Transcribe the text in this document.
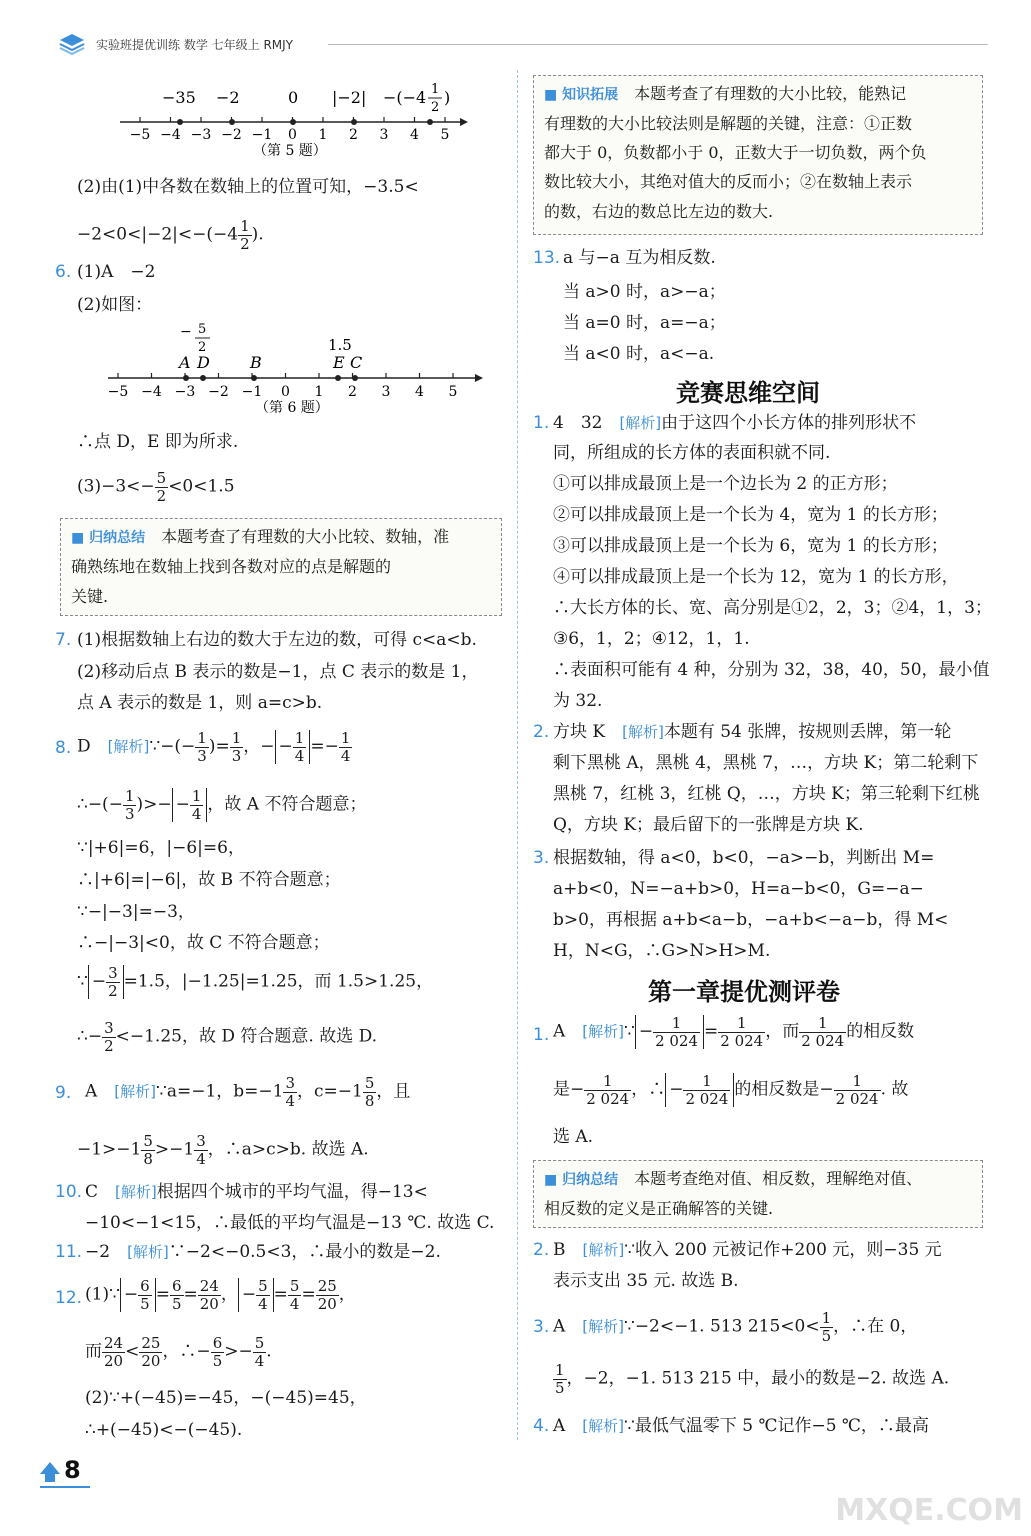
实验班提优训练 数学 七年级上 RMJY
−35 −2	0 |−2| −(−4 1
2
)
−5 −4 −3 −2 −1 0 1 2 3 4 5
（第 5 题）
(2)由(1)中各数在数轴上的位置可知，−3.5<
$-2<0<|-2|<-(-4 \frac{1}{2}$ ).
6. (1)A　−2
(2)如图：
− 5
2	1.5
A D	B	E C
−5 −4 −3 −2 −1 0 1 2 3 4 5
（第 6 题）
∴点 D，E 即为所求.
$(3)-3<- \frac{5}{2} <0<1.5$
■ 归纳总结　 本题考查了有理数的大小比较、数轴，准
确熟练地在数轴上找到各数对应的点是解题的
关键.
7. (1)根据数轴上右边的数大于左边的数，可得 c<a<b.
(2)移动后点 B 表示的数是−1，点 C 表示的数是 1，
点 A 表示的数是 1，则 a=c>b.
8. D　[解析]∵−(− $\frac{1}{3}$ )= $\frac{1}{3}$ ，− − $\frac{1}{4} =- \frac{1}{4}$
∴−(− $\frac{1}{3}$ )>− − $\frac{1}{4}$ ，故 A 不符合题意；
∵|+6|=6，|−6|=6，
∴|+6|=|−6|，故 B 不符合题意；
∵−|−3|=−3，
∴−|−3|<0，故 C 不符合题意；
∵ − $\frac{3}{2} =1.5$，|−1.25|=1.25，而 1.5>1.25，
∴− $\frac{3}{2} <-1.25$，故 D 符合题意. 故选 D.
9. A　[解析]∵a=−1，$b=-1 \frac{3}{4}$ ，$c=-1 \frac{5}{8}$ ，且
$-1>-1 \frac{5}{8} >-1 \frac{3}{4}$ ，∴a>c>b. 故选 A.
10. C　[解析]根据四个城市的平均气温，得−13<
−10<−1<15，∴最低的平均气温是−13 ℃. 故选 C.
11. −2　[解析]∵−2<−0.5<3，∴最小的数是−2.
12. (1)∵ − $\frac{6}{5} = \frac{6}{5} = \frac{24}{20}$ ， − $\frac{5}{4} = \frac{5}{4} = \frac{25}{20}$ ，
而 $\frac{24}{20} < \frac{25}{20}$ ，∴− $\frac{6}{5} >- \frac{5}{4}$ .
(2)∵+(−45)=−45，−(−45)=45，
∴+(−45)<−(−45).
■ 知识拓展　 本题考查了有理数的大小比较，能熟记
有理数的大小比较法则是解题的关键，注意：①正数
都大于 0，负数都小于 0，正数大于一切负数，两个负
数比较大小，其绝对值大的反而小；②在数轴上表示
的数，右边的数总比左边的数大.
13. a 与−a 互为相反数.
当 a>0 时，a>−a；
当 a=0 时，a=−a；
当 a<0 时，a<−a.
竞赛思维空间
1. 4　32　[解析]由于这四个小长方体的排列形状不
同，所组成的长方体的表面积就不同.
①可以排成最顶上是一个边长为 2 的正方形；
②可以排成最顶上是一个长为 4，宽为 1 的长方形；
③可以排成最顶上是一个长为 6，宽为 1 的长方形；
④可以排成最顶上是一个长为 12，宽为 1 的长方形，
∴大长方体的长、宽、高分别是①2，2，3；②4，1，3；
③6，1，2；④12，1，1.
∴表面积可能有 4 种，分别为 32，38，40，50，最小值
为 32.
2. 方块 K　[解析]本题有 54 张牌，按规则丢牌，第一轮
剩下黑桃 A，黑桃 4，黑桃 7，…，方块 K；第二轮剩下
黑桃 7，红桃 3，红桃 Q，…，方块 K；第三轮剩下红桃
Q，方块 K；最后留下的一张牌是方块 K.
3. 根据数轴，得 a<0，b<0，−a>−b，判断出 M=
a+b<0，N=−a+b>0，H=a−b<0，G=−a−
b>0，再根据 a+b<a−b，−a+b<−a−b，得 M<
H，N<G，∴G>N>H>M.
第一章提优测评卷
1. A　[解析]∵ − $\frac{1}{2 024} = \frac{1}{2 024}$ ，而 $\frac{1}{2 024}$ 的相反数
是− $\frac{1}{2 024}$ ，∴ − $\frac{1}{2 024}$ 的相反数是− $\frac{1}{2 024}$ . 故
选 A.
■ 归纳总结　 本题考查绝对值、相反数，理解绝对值、
相反数的定义是正确解答的关键.
2. B　[解析]∵收入 200 元被记作+200 元，则−35 元
表示支出 35 元. 故选 B.
3. A　[解析]∵−2<−1. 513 $215<0< \frac{1}{5}$ ，∴在 0，
$\frac{1}{5}$ ，−2，−1. 513 215 中，最小的数是−2. 故选 A.
4. A　[解析]∵最低气温零下 5 ℃记作−5 ℃，∴最高
8
MXQE.COM
